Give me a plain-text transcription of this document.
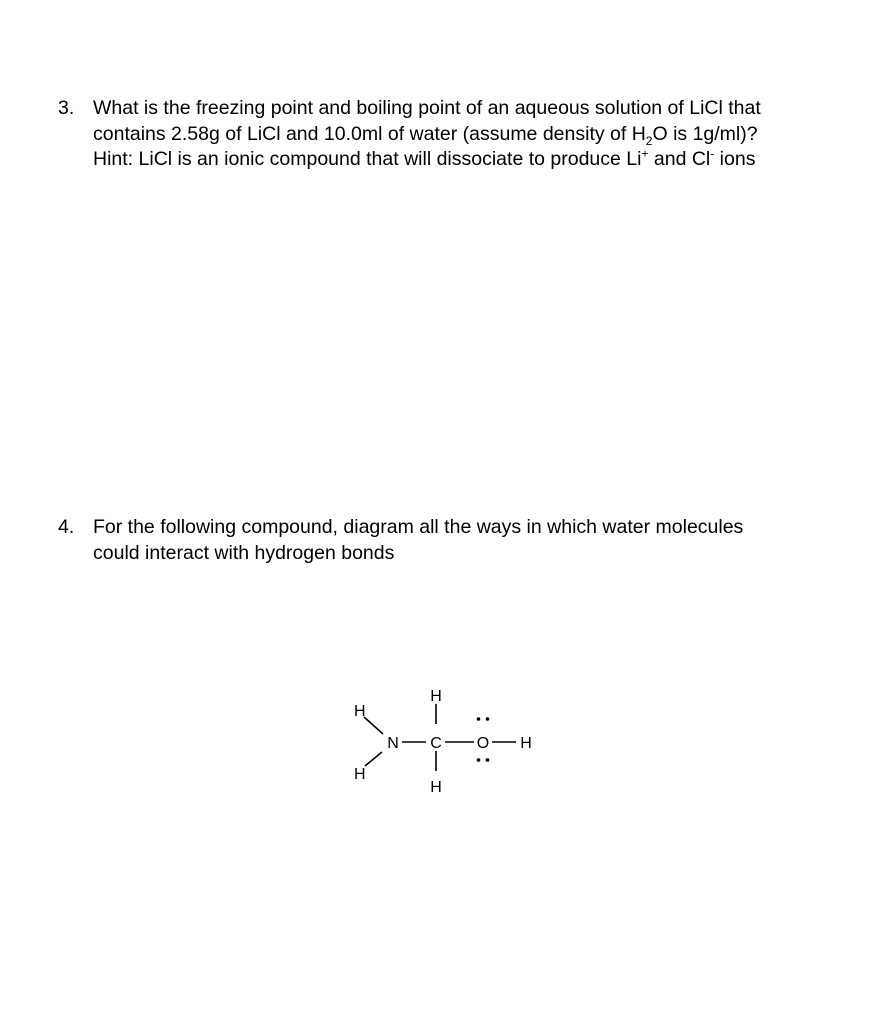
3. What is the freezing point and boiling point of an aqueous solution of LiCl that
contains 2.58g of LiCl and 10.0ml of water (assume density of $H_2O$ is 1g/ml)?
Hint: LiCl is an ionic compound that will dissociate to produce Li+ and Cl- ions
4. For the following compound, diagram all the ways in which water molecules
could interact with hydrogen bonds
H
H
N C
H
H
O H
